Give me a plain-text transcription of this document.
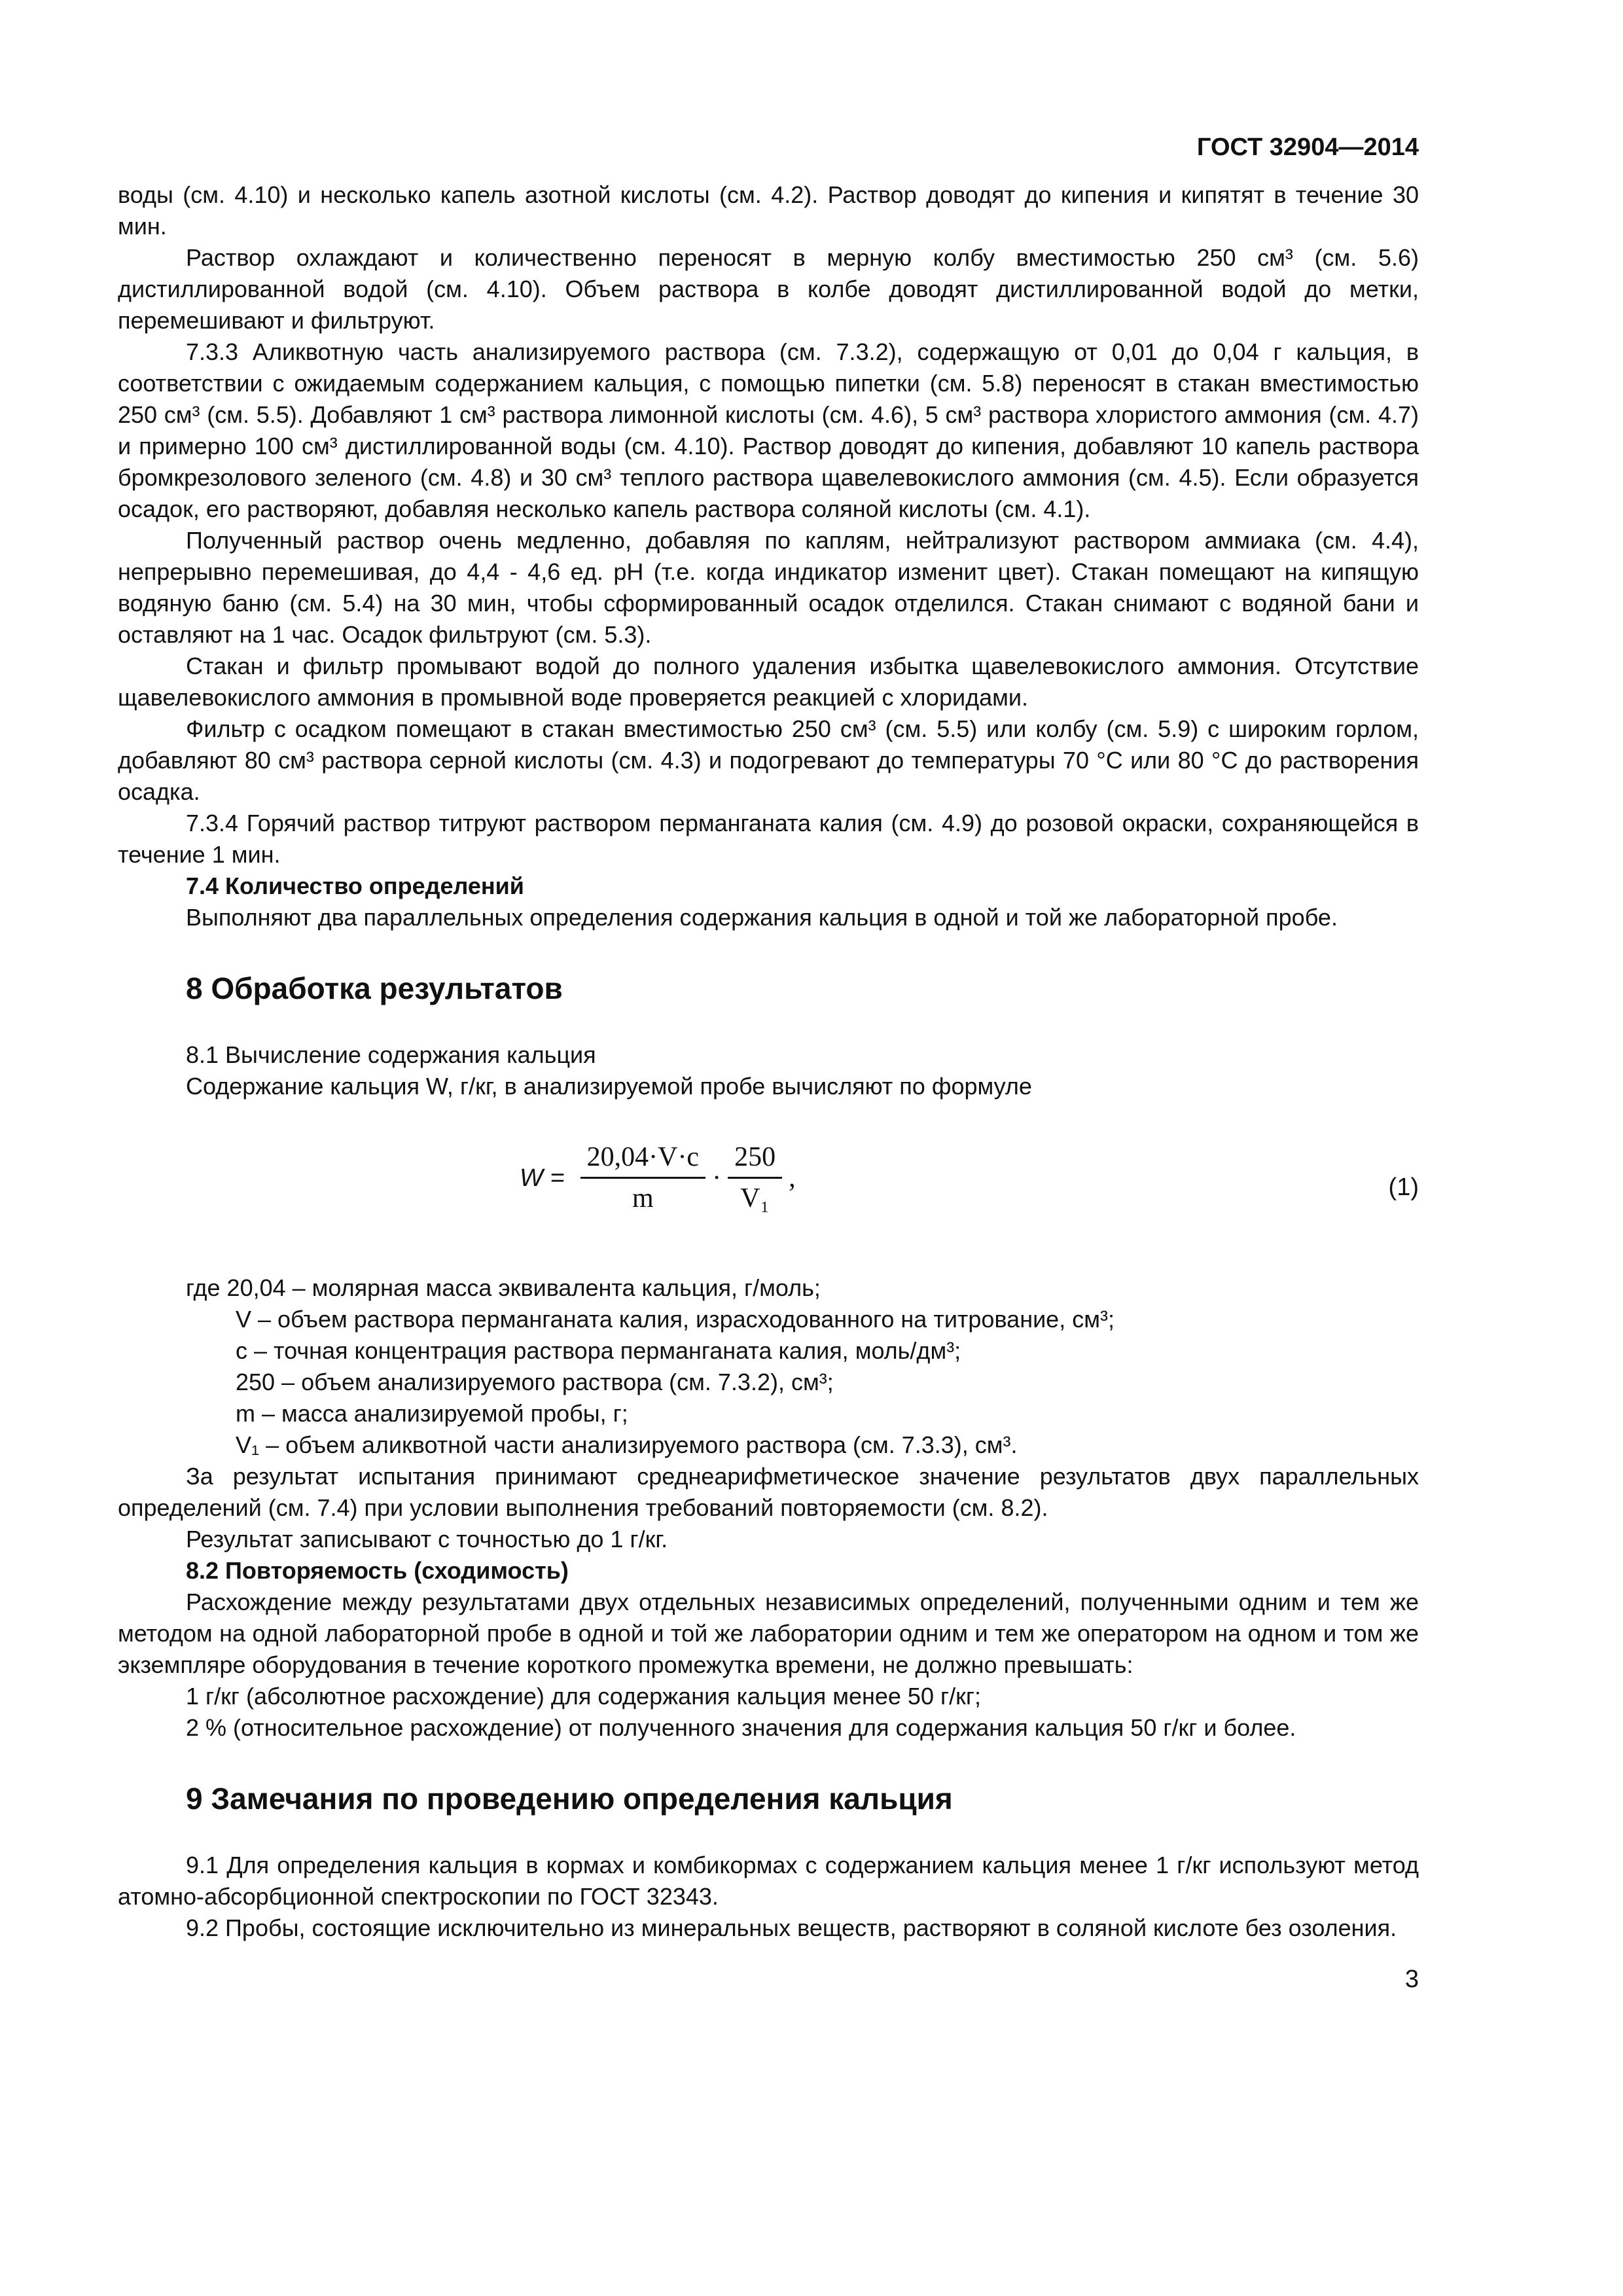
ГОСТ 32904—2014

воды (см. 4.10) и несколько капель азотной кислоты (см. 4.2). Раствор доводят до кипения и кипятят в течение 30 мин.

Раствор охлаждают и количественно переносят в мерную колбу вместимостью 250 см³ (см. 5.6) дистиллированной водой (см. 4.10). Объем раствора в колбе доводят дистиллированной водой до метки, перемешивают и фильтруют.

7.3.3 Аликвотную часть анализируемого раствора (см. 7.3.2), содержащую от 0,01 до 0,04 г кальция, в соответствии с ожидаемым содержанием кальция, с помощью пипетки (см. 5.8) переносят в стакан вместимостью 250 см³ (см. 5.5). Добавляют 1 см³ раствора лимонной кислоты (см. 4.6), 5 см³ раствора хлористого аммония (см. 4.7) и примерно 100 см³ дистиллированной воды (см. 4.10). Раствор доводят до кипения, добавляют 10 капель раствора бромкрезолового зеленого (см. 4.8) и 30 см³ теплого раствора щавелевокислого аммония (см. 4.5). Если образуется осадок, его растворяют, добавляя несколько капель раствора соляной кислоты (см. 4.1).

Полученный раствор очень медленно, добавляя по каплям, нейтрализуют раствором аммиака (см. 4.4), непрерывно перемешивая, до 4,4 - 4,6 ед. pH (т.е. когда индикатор изменит цвет). Стакан помещают на кипящую водяную баню (см. 5.4) на 30 мин, чтобы сформированный осадок отделился. Стакан снимают с водяной бани и оставляют на 1 час. Осадок фильтруют (см. 5.3).

Стакан и фильтр промывают водой до полного удаления избытка щавелевокислого аммония. Отсутствие щавелевокислого аммония в промывной воде проверяется реакцией с хлоридами.

Фильтр с осадком помещают в стакан вместимостью 250 см³ (см. 5.5) или колбу (см. 5.9) с широким горлом, добавляют 80 см³ раствора серной кислоты (см. 4.3) и подогревают до температуры 70 °C или 80 °C до растворения осадка.

7.3.4 Горячий раствор титруют раствором перманганата калия (см. 4.9) до розовой окраски, сохраняющейся в течение 1 мин.

7.4 Количество определений

Выполняют два параллельных определения содержания кальция в одной и той же лабораторной пробе.

8 Обработка результатов
8.1 Вычисление содержания кальция

Содержание кальция W, г/кг, в анализируемой пробе вычисляют по формуле

$W = \frac{20,04\cdot V\cdot c}{m} \cdot \frac{250}{\text{V₁}}$ ,	(1)
где 20,04 – молярная масса эквивалента кальция, г/моль;
V – объем раствора перманганата калия, израсходованного на титрование, см³;
c – точная концентрация раствора перманганата калия, моль/дм³;
250 – объем анализируемого раствора (см. 7.3.2), см³;
m – масса анализируемой пробы, г;
V₁ – объем аликвотной части анализируемого раствора (см. 7.3.3), см³.

За результат испытания принимают среднеарифметическое значение результатов двух параллельных определений (см. 7.4) при условии выполнения требований повторяемости (см. 8.2).

Результат записывают с точностью до 1 г/кг.

8.2 Повторяемость (сходимость)

Расхождение между результатами двух отдельных независимых определений, полученными одним и тем же методом на одной лабораторной пробе в одной и той же лаборатории одним и тем же оператором на одном и том же экземпляре оборудования в течение короткого промежутка времени, не должно превышать:

1 г/кг (абсолютное расхождение) для содержания кальция менее 50 г/кг;

2 % (относительное расхождение) от полученного значения для содержания кальция 50 г/кг и более.

9 Замечания по проведению определения кальция

9.1 Для определения кальция в кормах и комбикормах с содержанием кальция менее 1 г/кг используют метод атомно-абсорбционной спектроскопии по ГОСТ 32343.

9.2 Пробы, состоящие исключительно из минеральных веществ, растворяют в соляной кислоте без озоления.

3
